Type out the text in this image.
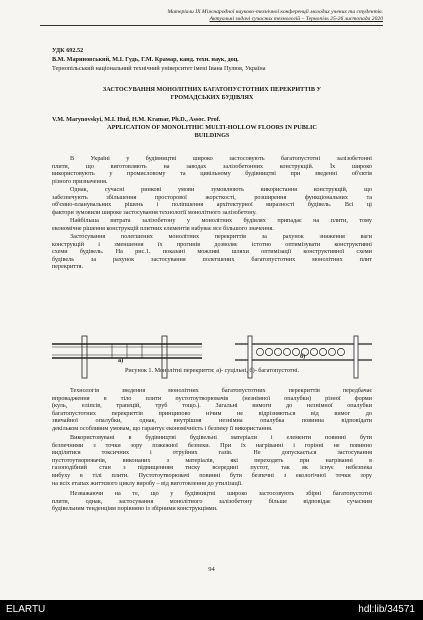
Матеріали IX Міжнародної науково-технічної конференції молодих учених та студентів.
Актуальні задачі сучасних технологій – Тернопіль 25-26 листопада 2020
УДК 692.52
В.М. Мариновський, М.І. Гудь, Г.М. Крамар, канд. техн. наук, доц.
Тернопільський національний технічний університет імені Івана Пулюя, Україна
ЗАСТОСУВАННЯ МОНОЛІТНИХ БАГАТОПУСТОТНИХ ПЕРЕКРИТТІВ У
ГРОМАДСЬКИХ БУДІВЛЯХ
V.M. Marynovskyi, M.I. Hud, H.M. Kramar, Ph.D., Assoc. Prof.
APPLICATION OF MONOLITHIC MULTI-HOLLOW FLOORS IN PUBLIC
BUILDINGS
В Україні у будівництві широко застосовують багатопустотні залізобетонні
плити, що виготовляють на заводах залізобетонних конструкцій. Їх широко
використовують у промисловому та цивільному будівництві при зведенні об'єктів
різного призначення.
Однак, сучасні ринкові умови зумовлюють використання конструкцій, що
забезпечують збільшення просторової жорсткості, розширення функціональних та
об'ємно-планувальних рішень і поліпшення архітектурної виразності будівель. Всі ці
фактори зумовили широке застосування технології монолітного залізобетону.
Найбільша витрата залізобетону у монолітних будівлях припадає на плити, тому
економічне рішення конструкцій плитних елементів набуває все більшого значення.
Застосування полегшених монолітних перекриттів за рахунок зниження ваги
конструкцій і зменшення їх прогинів дозволяє істотно оптимізувати конструктивні
схеми будівель. На рис.1. показані можливі шляхи оптимізації конструктивної схеми
будівель за рахунок застосування полегшених багатопустотних монолітних плит
перекриття.
а)
б)
Рисунок 1. Монолітні перекриття: а)- суцільні, б)- багатопустотні.
Технологія зведення монолітних багатопустотних перекриттів передбачає
впровадження в тіло плити пустотоутворювачів (незнімної опалубки) різної форми
(куль, еліпсів, трапецій, труб тощо.). Загальні вимоги до незнімної опалубки
багатопустотних перекриттів принципово нічим не відрізняються від вимог до
звичайної опалубки, однак, внутрішня незнімна опалубка повинна відповідати
декільком особливим умовам, що гарантує економічність і безпеку її використання.
Використовувані в будівництві будівельні матеріали і елементи повинні бути
безпечними з точки зору пожежної безпеки. При їх нагріванні і горінні не повинно
виділятися токсичних і отруйних газів. Не допускається застосування
пустотоутворювачів, виконаних з матеріалів, які переходять при нагріванні в
газоподібний стан з підвищенням тиску всередині пустот, так як існує небезпека
вибуху в тілі плити. Пустотоутворювачі повинні бути безпечні з екологічної точки зору
на всіх етапах життєвого циклу виробу – від виготовлення до утилізації.
Незважаючи на те, що у будівництві широко застосовують збірні багатопустотні
плити, однак, застосування монолітного залізобетону більше відповідає сучасним
будівельним тенденціям порівняно із збірними конструкціями.
94
ELARTU	hdl:lib/34571
